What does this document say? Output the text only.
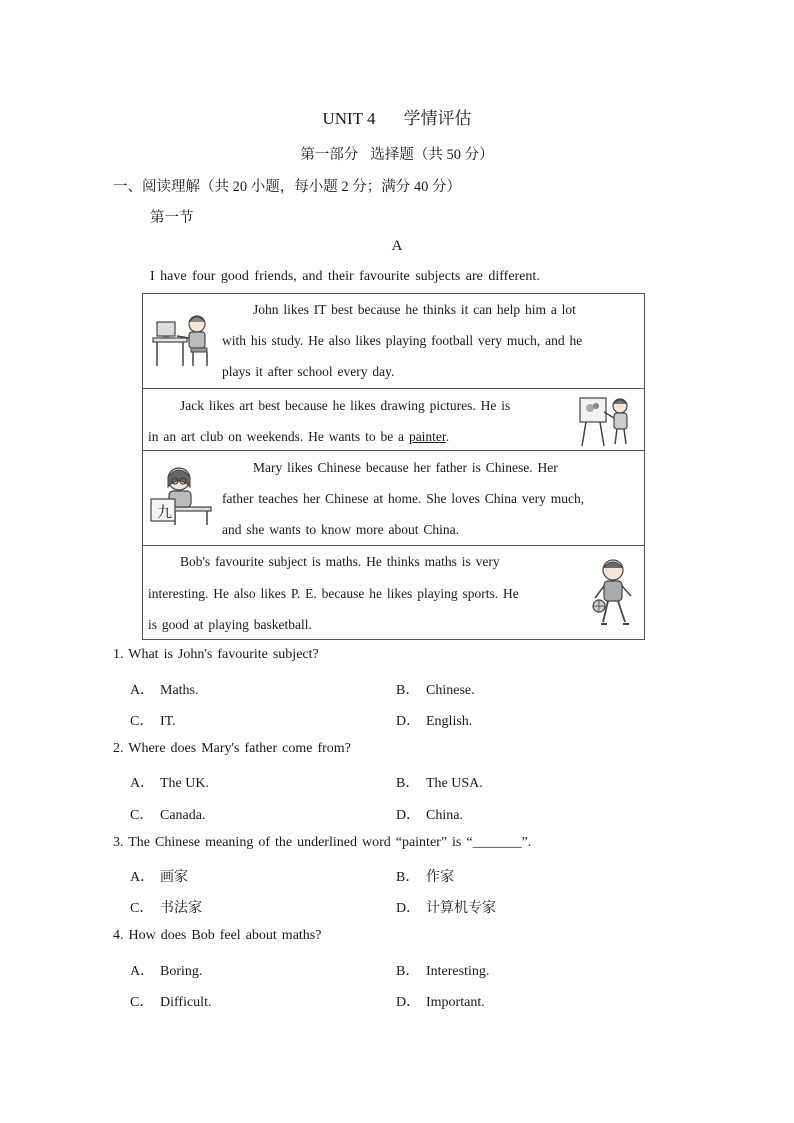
UNIT 4 学情评估
第一部分 选择题（共 50 分）
一、阅读理解（共 20 小题，每小题 2 分；满分 40 分）
第一节
A
I have four good friends, and their favourite subjects are different.
John likes IT best because he thinks it can help him a lot
with his study. He also likes playing football very much, and he
plays it after school every day.
Jack likes art best because he likes drawing pictures. He is
in an art club on weekends. He wants to be a painter.
九
Mary likes Chinese because her father is Chinese. Her
father teaches her Chinese at home. She loves China very much,
and she wants to know more about China.
Bob's favourite subject is maths. He thinks maths is very
interesting. He also likes P. E. because he likes playing sports. He
is good at playing basketball.
1. What is John's favourite subject?
A． Maths.	B． Chinese.
C． IT.	D． English.
2. Where does Mary's father come from?
A． The UK.	B． The USA.
C． Canada.	D． China.
3. The Chinese meaning of the underlined word “painter” is “_______”.
A． 画家	B． 作家
C． 书法家	D． 计算机专家
4. How does Bob feel about maths?
A． Boring.	B． Interesting.
C． Difficult.	D． Important.
